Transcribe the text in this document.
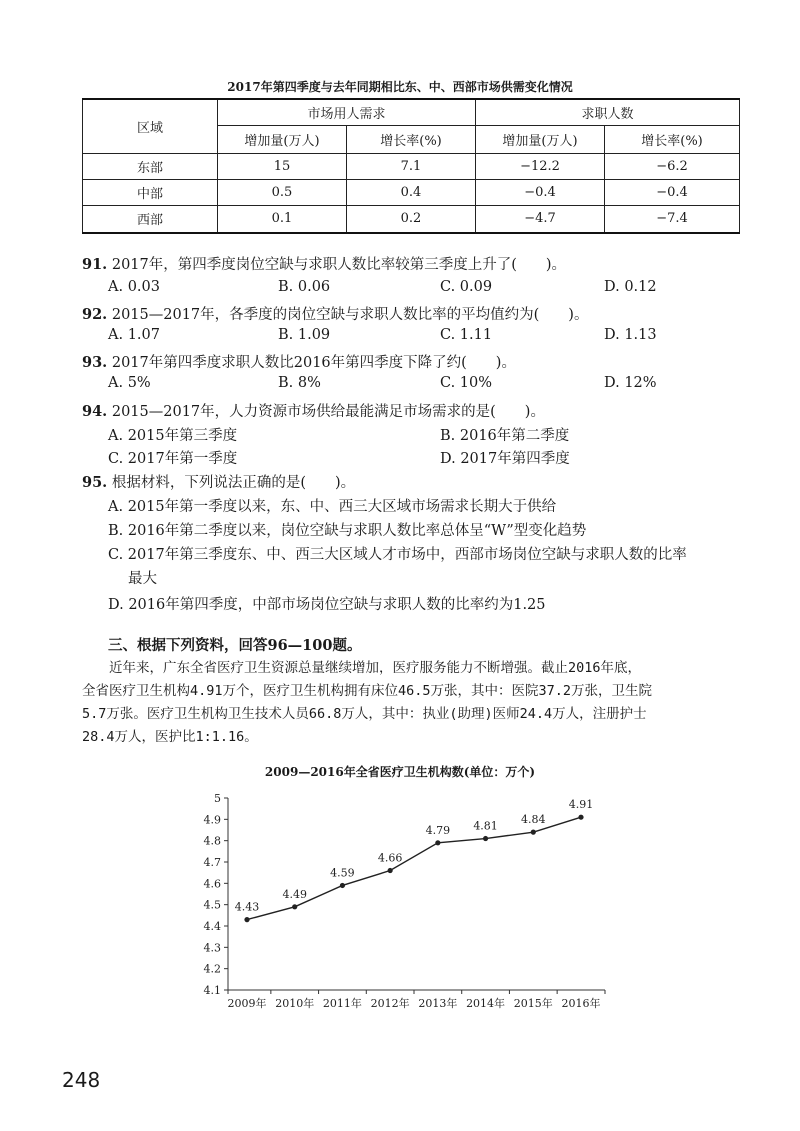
2017年第四季度与去年同期相比东、中、西部市场供需变化情况
区域	市场用人需求		求职人数	
	增加量(万人)	增长率(%)	增加量(万人)	增长率(%)
东部	15	7.1	−12.2	−6.2
中部	0.5	0.4	−0.4	−0.4
西部	0.1	0.2	−4.7	−7.4
91. 2017年，第四季度岗位空缺与求职人数比率较第三季度上升了(　　)。
A. 0.03	B. 0.06	C. 0.09	D. 0.12
92. 2015—2017年，各季度的岗位空缺与求职人数比率的平均值约为(　　)。
A. 1.07	B. 1.09	C. 1.11	D. 1.13
93. 2017年第四季度求职人数比2016年第四季度下降了约(　　)。
A. 5%	B. 8%	C. 10%	D. 12%
94. 2015—2017年，人力资源市场供给最能满足市场需求的是(　　)。
A. 2015年第三季度	B. 2016年第二季度
C. 2017年第一季度	D. 2017年第四季度
95. 根据材料，下列说法正确的是(　　)。
A. 2015年第一季度以来，东、中、西三大区域市场需求长期大于供给
B. 2016年第二季度以来，岗位空缺与求职人数比率总体呈“W”型变化趋势
C. 2017年第三季度东、中、西三大区域人才市场中，西部市场岗位空缺与求职人数的比率
最大
D. 2016年第四季度，中部市场岗位空缺与求职人数的比率约为1.25
三、根据下列资料，回答96—100题。
　　近年来，广东全省医疗卫生资源总量继续增加，医疗服务能力不断增强。截止2016年底，
全省医疗卫生机构4.91万个，医疗卫生机构拥有床位46.5万张，其中：医院37.2万张，卫生院
5.7万张。医疗卫生机构卫生技术人员66.8万人，其中：执业(助理)医师24.4万人，注册护士
28.4万人，医护比1:1.16。
2009—2016年全省医疗卫生机构数(单位：万个)
4.1
4.2
4.3
4.4
4.5
4.6
4.7
4.8
4.9
5
2009年 2010年 2011年 2012年 2013年 2014年 2015年 2016年
4.43
4.49
4.59
4.66
4.79 4.81 4.84
4.91
248
